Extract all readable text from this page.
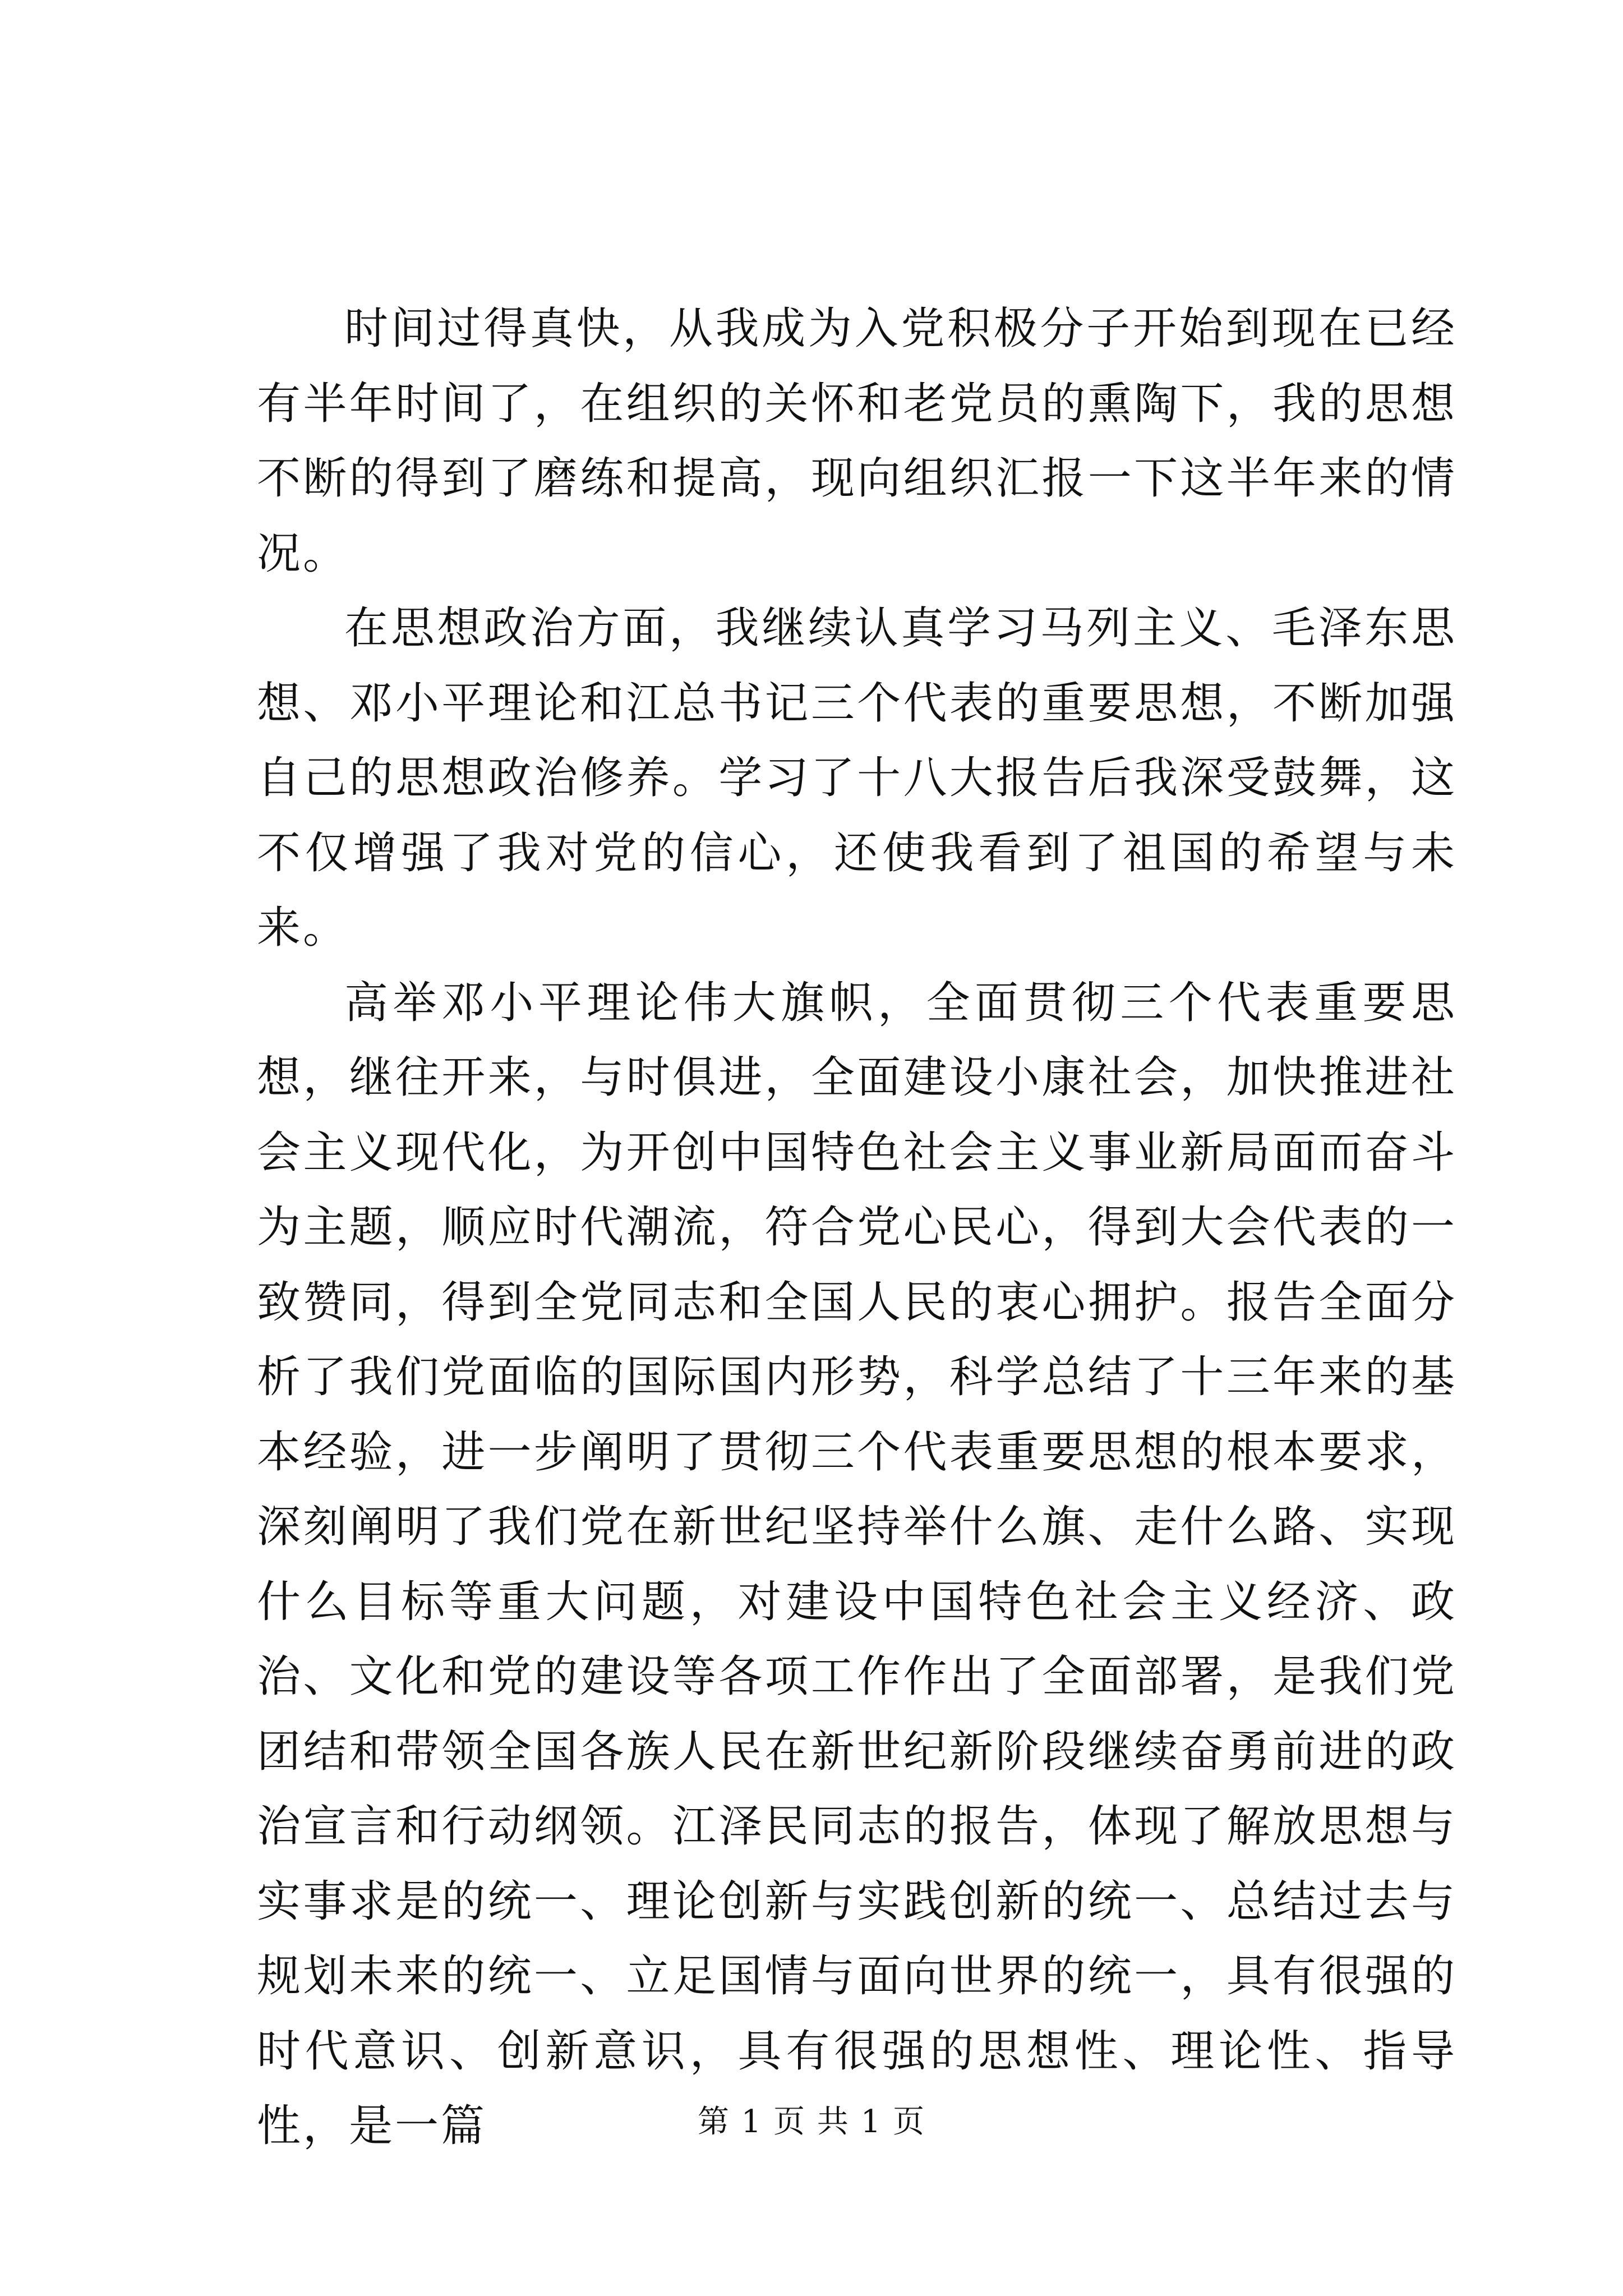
时间过得真快，从我成为入党积极分子开始到现在已经有半年时间了，在组织的关怀和老党员的熏陶下，我的思想不断的得到了磨练和提高，现向组织汇报一下这半年来的情况。

在思想政治方面，我继续认真学习马列主义、毛泽东思想、邓小平理论和江总书记三个代表的重要思想，不断加强自己的思想政治修养。学习了十八大报告后我深受鼓舞，这不仅增强了我对党的信心，还使我看到了祖国的希望与未来。

高举邓小平理论伟大旗帜，全面贯彻三个代表重要思想，继往开来，与时俱进，全面建设小康社会，加快推进社会主义现代化，为开创中国特色社会主义事业新局面而奋斗为主题，顺应时代潮流，符合党心民心，得到大会代表的一致赞同，得到全党同志和全国人民的衷心拥护。报告全面分析了我们党面临的国际国内形势，科学总结了十三年来的基本经验，进一步阐明了贯彻三个代表重要思想的根本要求，深刻阐明了我们党在新世纪坚持举什么旗、走什么路、实现什么目标等重大问题，对建设中国特色社会主义经济、政治、文化和党的建设等各项工作作出了全面部署，是我们党团结和带领全国各族人民在新世纪新阶段继续奋勇前进的政治宣言和行动纲领。江泽民同志的报告，体现了解放思想与实事求是的统一、理论创新与实践创新的统一、总结过去与规划未来的统一、立足国情与面向世界的统一，具有很强的时代意识、创新意识，具有很强的思想性、理论性、指导性，是一篇	第 1 页 共 1 页
